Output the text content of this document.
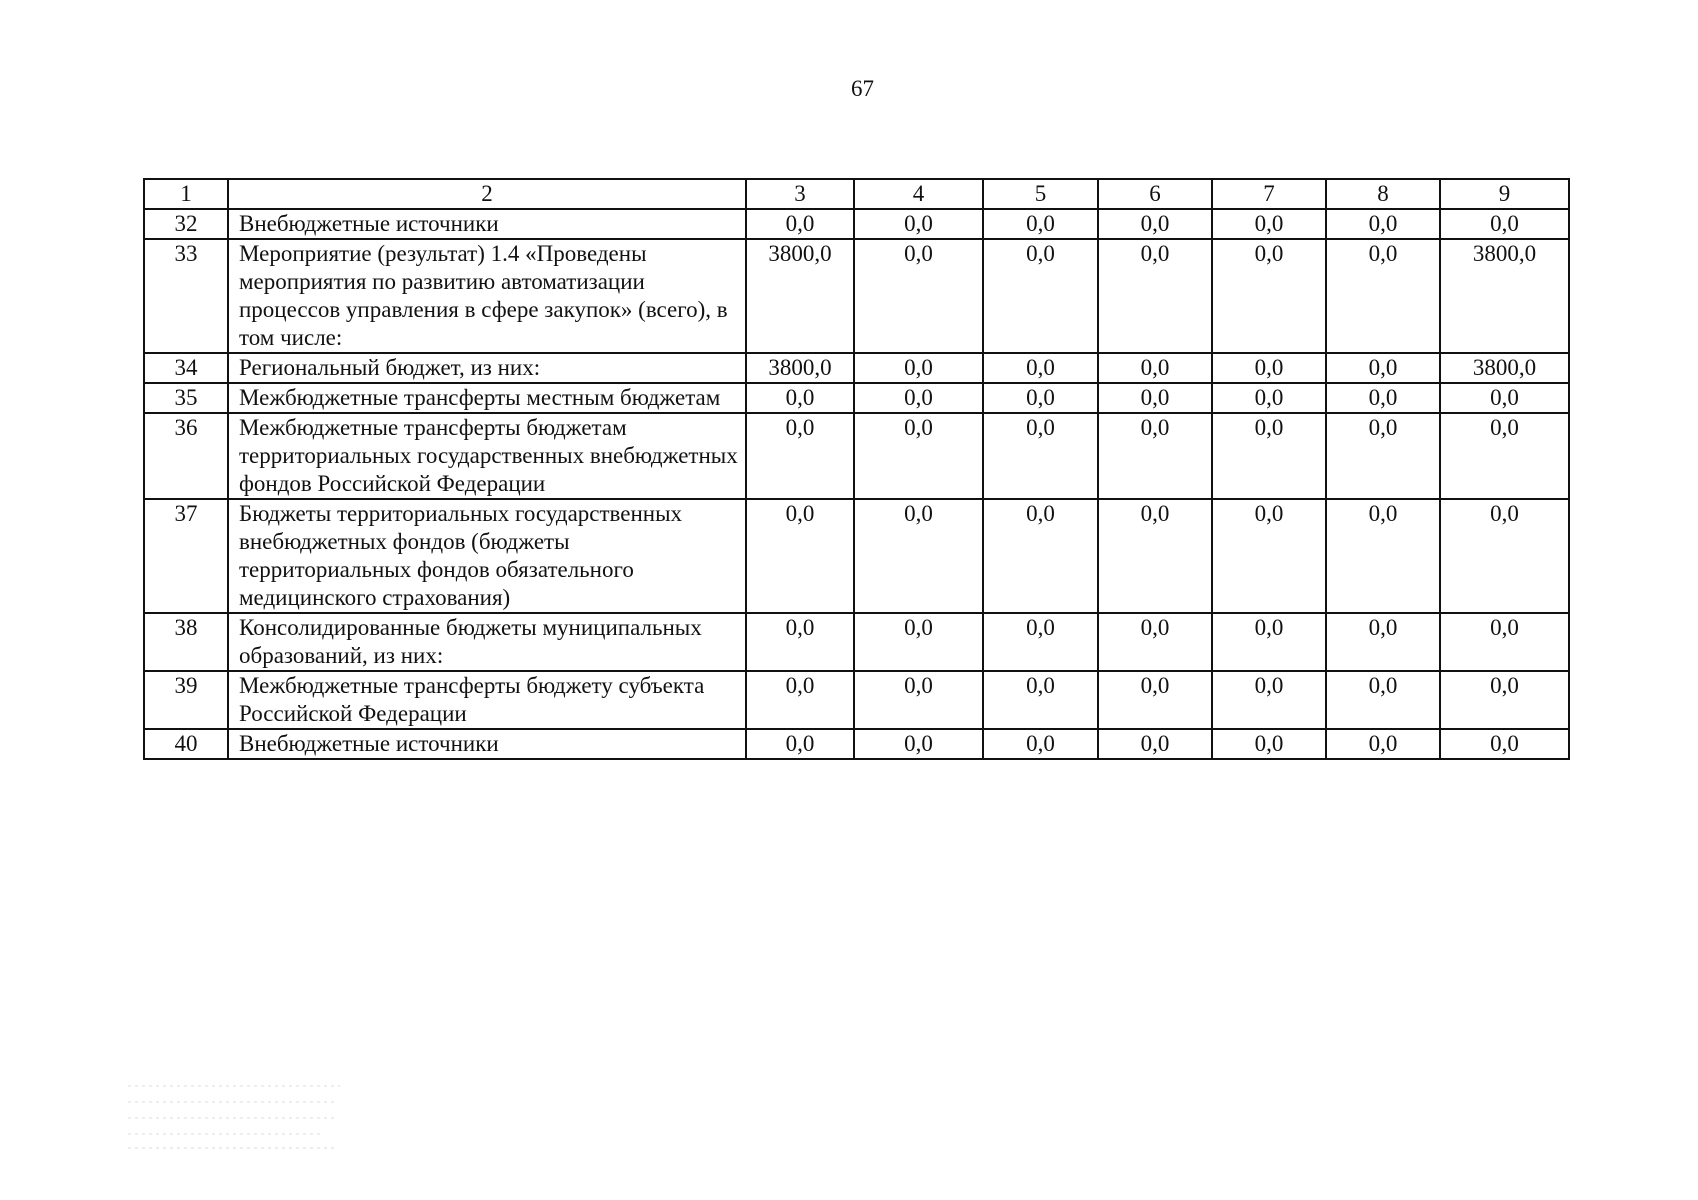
67
1	2	3	4	5	6	7	8	9
32	Внебюджетные источники	0,0	0,0	0,0	0,0	0,0	0,0	0,0
33	Мероприятие (результат) 1.4 «Проведены мероприятия по развитию автоматизации процессов управления в сфере закупок» (всего), в том числе:	3800,0	0,0	0,0	0,0	0,0	0,0	3800,0
34	Региональный бюджет, из них:	3800,0	0,0	0,0	0,0	0,0	0,0	3800,0
35	Межбюджетные трансферты местным бюджетам	0,0	0,0	0,0	0,0	0,0	0,0	0,0
36	Межбюджетные трансферты бюджетам территориальных государственных внебюджетных фондов Российской Федерации	0,0	0,0	0,0	0,0	0,0	0,0	0,0
37	Бюджеты территориальных государственных внебюджетных фондов (бюджеты территориальных фондов обязательного медицинского страхования)	0,0	0,0	0,0	0,0	0,0	0,0	0,0
38	Консолидированные бюджеты муниципальных образований, из них:	0,0	0,0	0,0	0,0	0,0	0,0	0,0
39	Межбюджетные трансферты бюджету субъекта Российской Федерации	0,0	0,0	0,0	0,0	0,0	0,0	0,0
40	Внебюджетные источники	0,0	0,0	0,0	0,0	0,0	0,0	0,0
